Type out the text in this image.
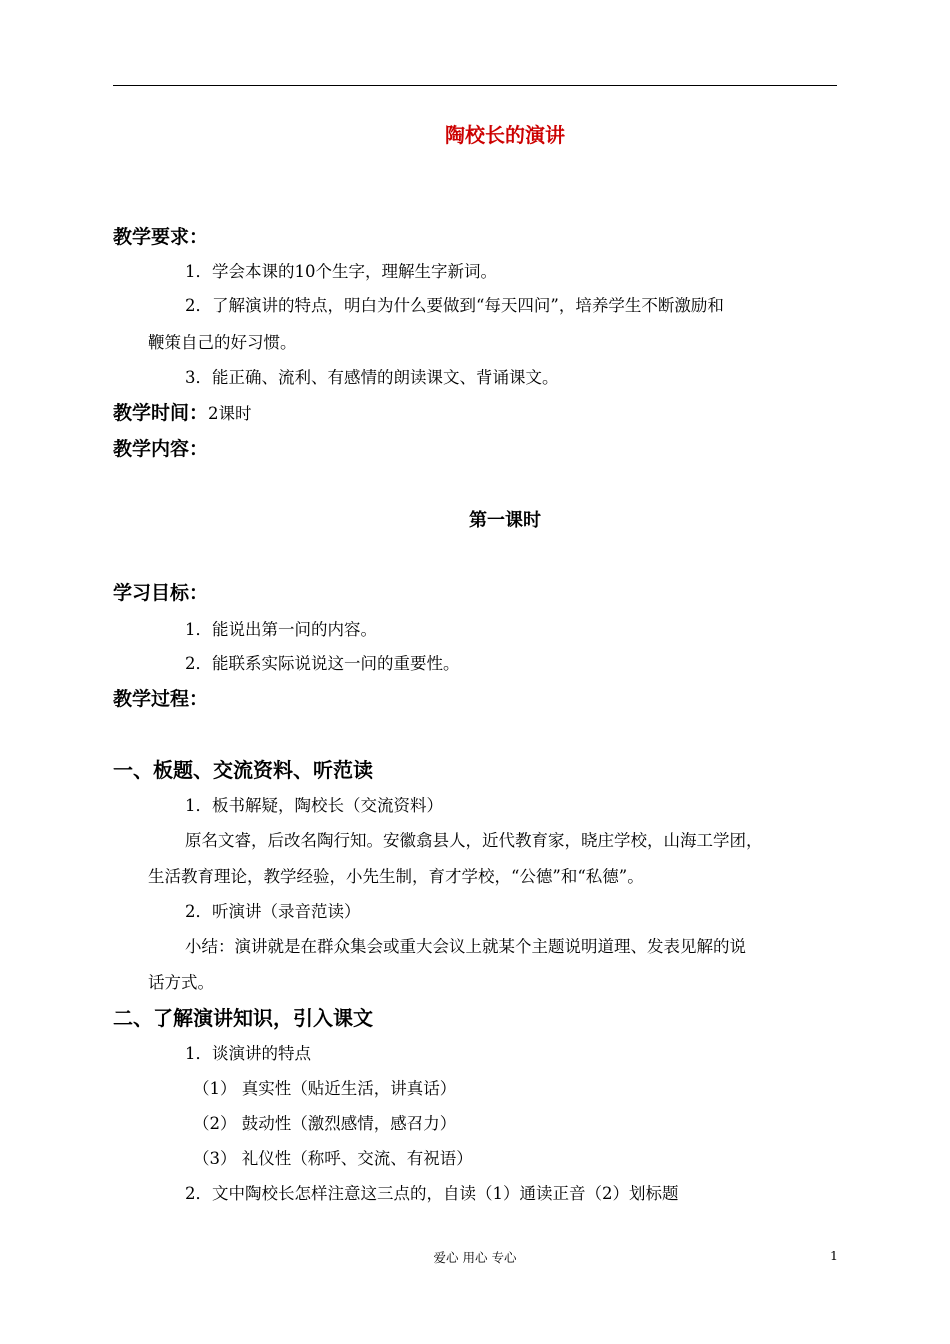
陶校长的演讲
教学要求：
1．学会本课的10个生字，理解生字新词。
2．了解演讲的特点，明白为什么要做到“每天四问”，培养学生不断激励和
鞭策自己的好习惯。
3．能正确、流利、有感情的朗读课文、背诵课文。
教学时间：2课时
教学内容：
第一课时
学习目标：
1．能说出第一问的内容。
2．能联系实际说说这一问的重要性。
教学过程：
一、板题、交流资料、听范读
1．板书解疑，陶校长（交流资料）
原名文睿，后改名陶行知。安徽翕县人，近代教育家，晓庄学校，山海工学团，
生活教育理论，教学经验，小先生制，育才学校，“公德”和“私德”。
2．听演讲（录音范读）
小结：演讲就是在群众集会或重大会议上就某个主题说明道理、发表见解的说
话方式。
二、了解演讲知识，引入课文
1．谈演讲的特点
（1） 真实性（贴近生活，讲真话）
（2） 鼓动性（激烈感情，感召力）
（3） 礼仪性（称呼、交流、有祝语）
2．文中陶校长怎样注意这三点的，自读（1）通读正音（2）划标题
爱心 用心 专心	1
